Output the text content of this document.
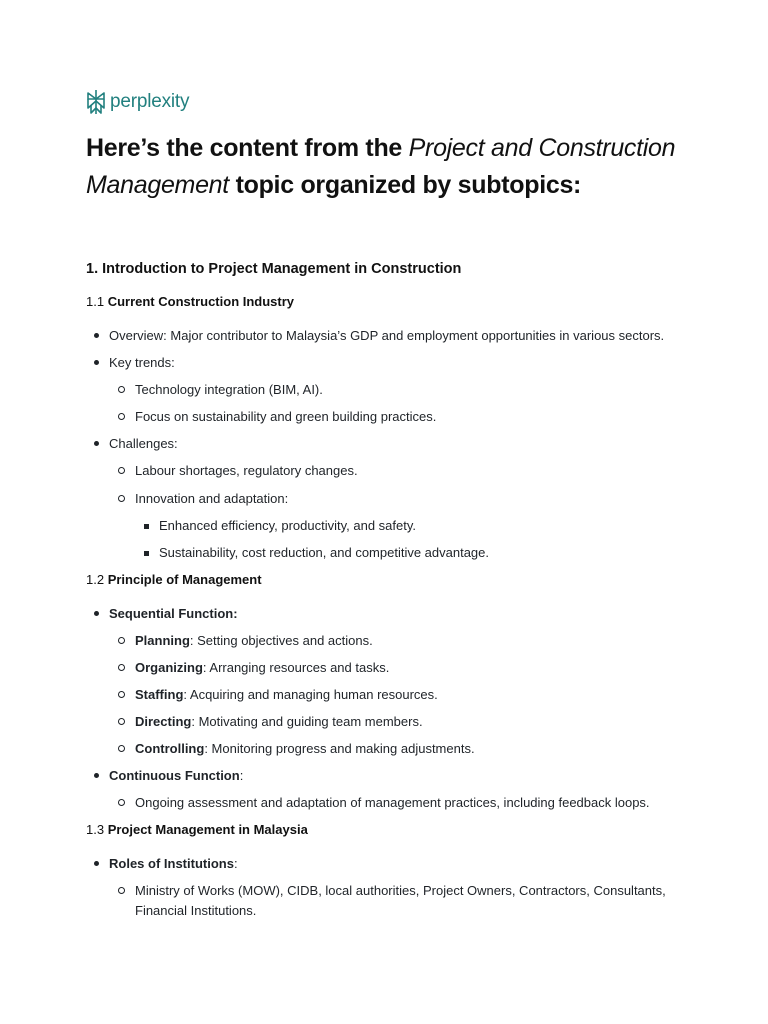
perplexity
Here’s the content from the Project and Construction Management topic organized by subtopics:
1. Introduction to Project Management in Construction
1.1 Current Construction Industry
Overview: Major contributor to Malaysia’s GDP and employment opportunities in various sectors.
Key trends:
Technology integration (BIM, AI).
Focus on sustainability and green building practices.
Challenges:
Labour shortages, regulatory changes.
Innovation and adaptation:
Enhanced efficiency, productivity, and safety.
Sustainability, cost reduction, and competitive advantage.
1.2 Principle of Management
Sequential Function:
Planning: Setting objectives and actions.
Organizing: Arranging resources and tasks.
Staffing: Acquiring and managing human resources.
Directing: Motivating and guiding team members.
Controlling: Monitoring progress and making adjustments.
Continuous Function:
Ongoing assessment and adaptation of management practices, including feedback loops.
1.3 Project Management in Malaysia
Roles of Institutions:
Ministry of Works (MOW), CIDB, local authorities, Project Owners, Contractors, Consultants, Financial Institutions.
